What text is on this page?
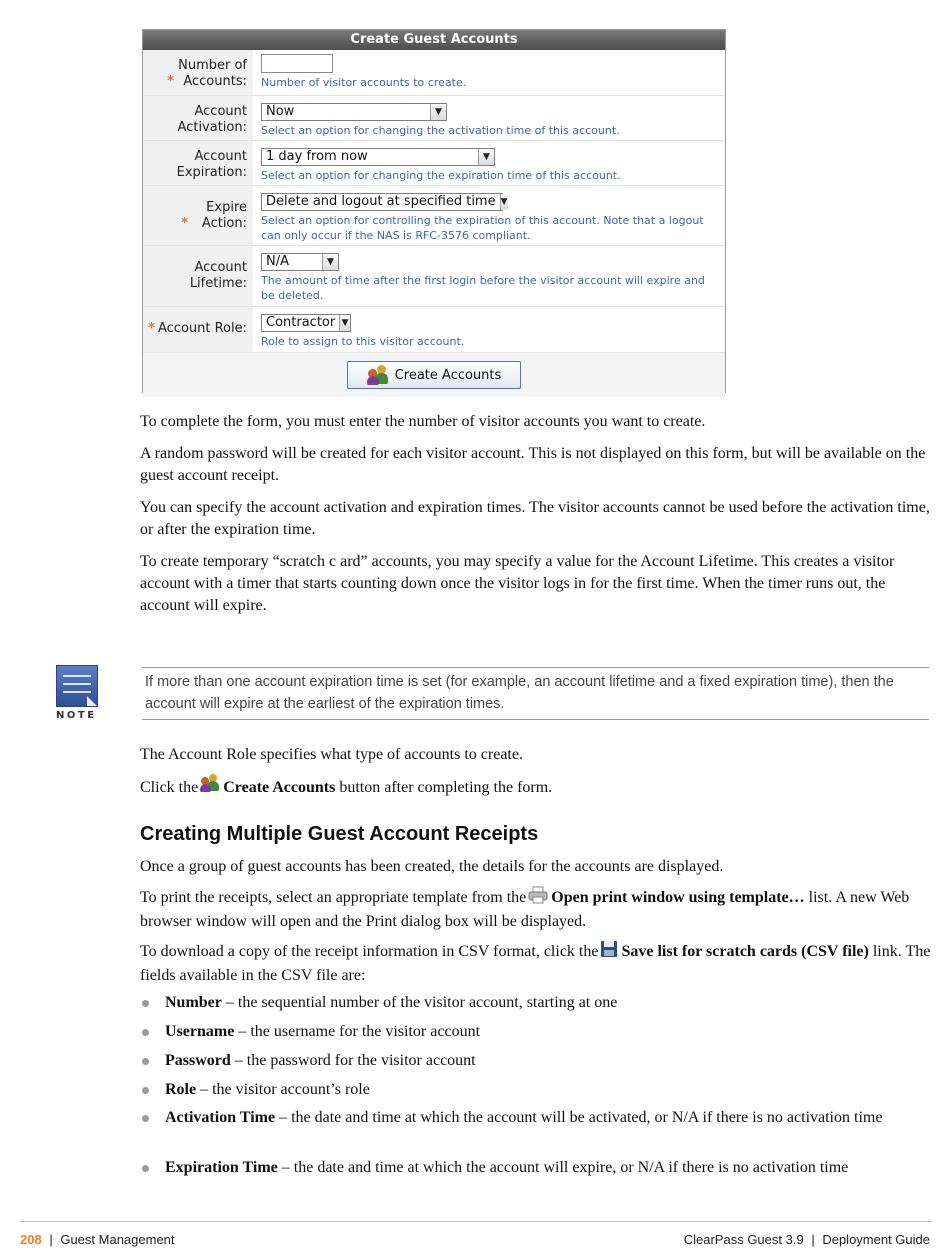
Create Guest Accounts
*Number of Accounts:	Number of visitor accounts to create.
Account Activation:
Now	▼
Select an option for changing the activation time of this account.
Account Expiration:
1 day from now	▼
Select an option for changing the expiration time of this account.
*Expire Action:
Delete and logout at specified time ▼
Select an option for controlling the expiration of this account. Note that a logout can only occur if the NAS is RFC-3576 compliant.
Account Lifetime:
N/A	▼
The amount of time after the first login before the visitor account will expire and be deleted.
* Account Role:	Contractor ▼
Role to assign to this visitor account.
Create Accounts

To complete the form, you must enter the number of visitor accounts you want to create.

A random password will be created for each visitor account. This is not displayed on this form, but will be available on the guest account receipt.

You can specify the account activation and expiration times. The visitor accounts cannot be used before the activation time, or after the expiration time.

To create temporary “scratch c ard” accounts, you may specify a value for the Account Lifetime. This creates a visitor account with a timer that starts counting down once the visitor logs in for the first time. When the timer runs out, the account will expire.

NOTE
If more than one account expiration time is set (for example, an account lifetime and a fixed expiration time), then the account will expire at the earliest of the expiration times.

The Account Role specifies what type of accounts to create.

Click the Create Accounts button after completing the form.

Creating Multiple Guest Account Receipts

Once a group of guest accounts has been created, the details for the accounts are displayed.

To print the receipts, select an appropriate template from the Open print window using template… list. A new Web browser window will open and the Print dialog box will be displayed.

To download a copy of the receipt information in CSV format, click the Save list for scratch cards (CSV file) link. The fields available in the CSV file are:

Number – the sequential number of the visitor account, starting at one
Username – the username for the visitor account
Password – the password for the visitor account
Role – the visitor account’s role
Activation Time – the date and time at which the account will be activated, or N/A if there is no activation time
Expiration Time – the date and time at which the account will expire, or N/A if there is no activation time
208 | Guest Management	ClearPass Guest 3.9 | Deployment Guide
